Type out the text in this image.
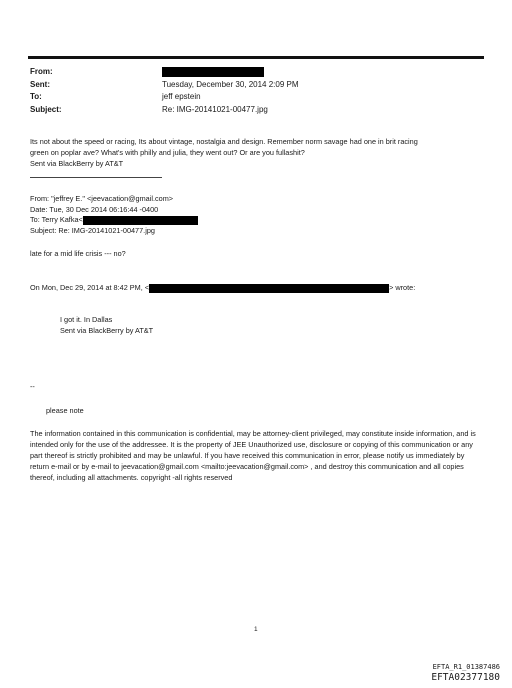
From:
Sent:	Tuesday, December 30, 2014 2:09 PM
To:	jeff epstein
Subject:	Re: IMG-20141021-00477.jpg
Its not about the speed or racing, Its about vintage, nostalgia and design. Remember norm savage had one in brit racing
green on poplar ave? What's with philly and julia, they went out? Or are you fullashit?
Sent via BlackBerry by AT&T
From: "jeffrey E." <jeevacation@gmail.com>
Date: Tue, 30 Dec 2014 06:16:44 -0400
To: Terry Kafka<
Subject: Re: IMG-20141021-00477.jpg
late for a mid life crisis --- no?
On Mon, Dec 29, 2014 at 8:42 PM, <	> wrote:
I got it. In Dallas
Sent via BlackBerry by AT&T
--
please note
The information contained in this communication is confidential, may be attorney-client privileged, may constitute inside information, and is intended only for the use of the addressee. It is the property of JEE Unauthorized use, disclosure or copying of this communication or any part thereof is strictly prohibited and may be unlawful. If you have received this communication in error, please notify us immediately by return e-mail or by e-mail to jeevacation@gmail.com <mailto:jeevacation@gmail.com> , and destroy this communication and all copies thereof, including all attachments. copyright -all rights reserved
1
EFTA_R1_01387486
EFTA02377180
